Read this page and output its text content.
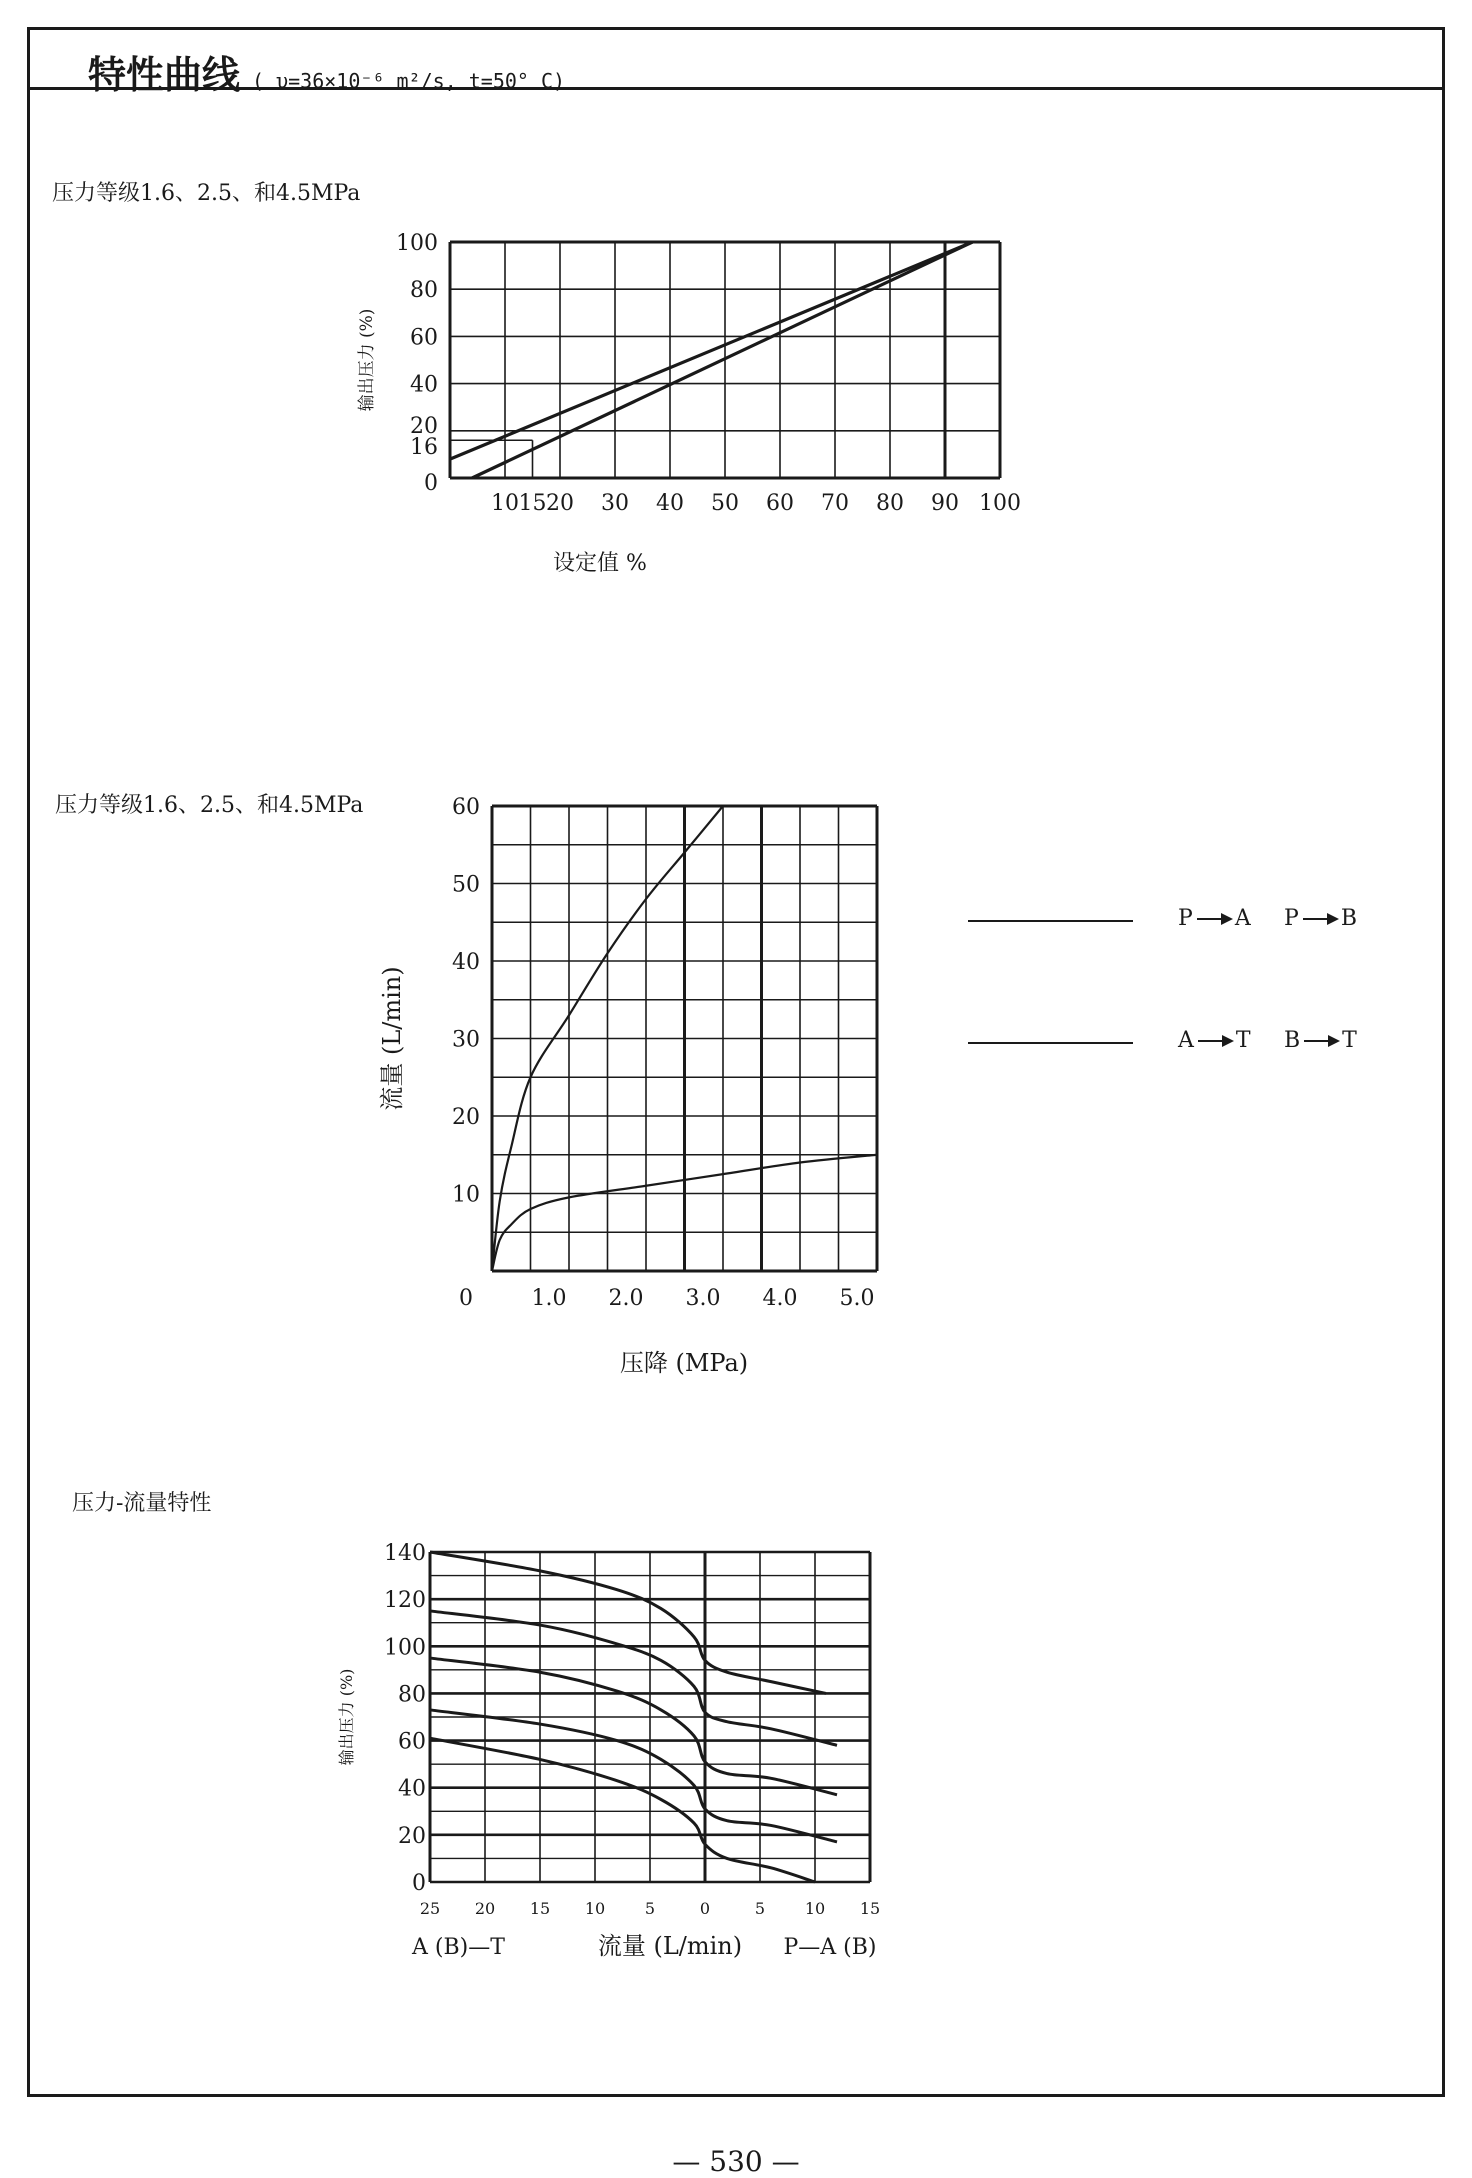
特性曲线 ( υ=36×10⁻⁶ m²/s, t=50° C)
压力等级1.6、2.5、和4.5MPa
压力等级1.6、2.5、和4.5MPa
压力-流量特性
0
16
20
40
60
80
100
10 15 20 30 40 50 60 70 80 90 100
设定值 %
输出压力 (%)
10
20
30
40
50
60
0	1.0 2.0 3.0 4.0 5.0
压降 (MPa)
流量 (L/min)
0
20
40
60
80
100
120
140
25 20 15 10 5	0	5 10 15
A (B)—T	流量 (L/min) P—A (B)
输出压力 (%)
P A P B
A T B T
— 530 —
